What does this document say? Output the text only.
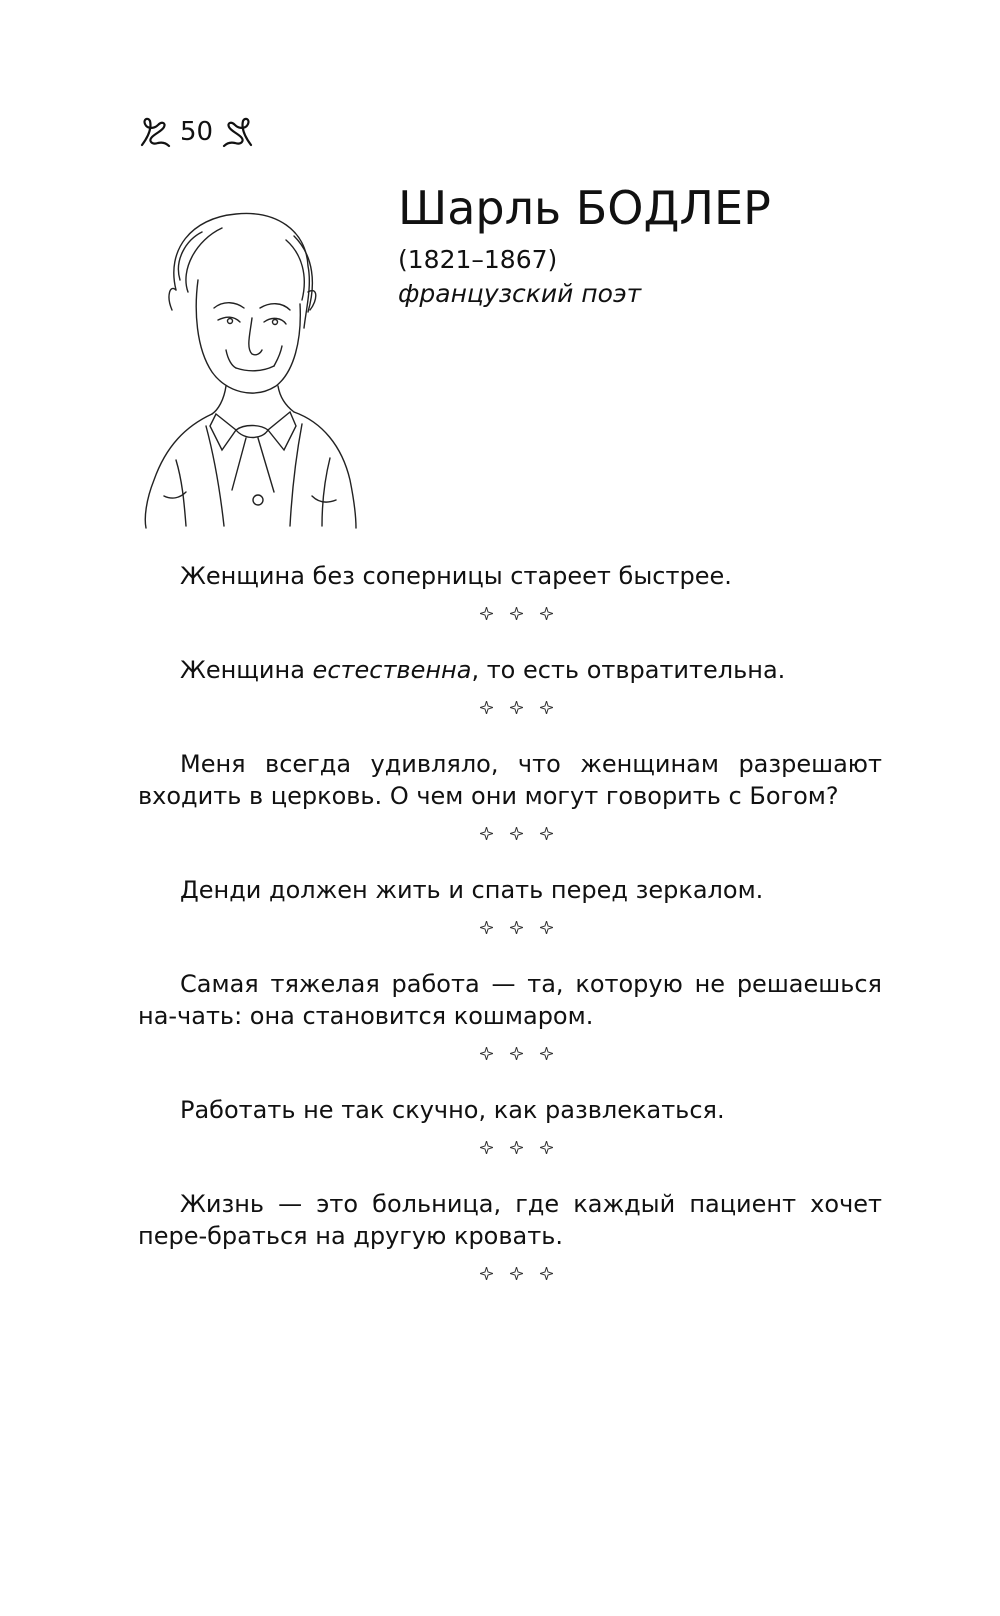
50
Шарль БОДЛЕР
(1821–1867)
французский поэт

Женщина без соперницы стареет быстрее.

Женщина естественна, то есть отвратительна.

Меня всегда удивляло, что женщинам разрешают входить в церковь. О чем они могут говорить с Богом?

Денди должен жить и спать перед зеркалом.

Самая тяжелая работа — та, которую не решаешься на-чать: она становится кошмаром.

Работать не так скучно, как развлекаться.

Жизнь — это больница, где каждый пациент хочет пере-браться на другую кровать.
